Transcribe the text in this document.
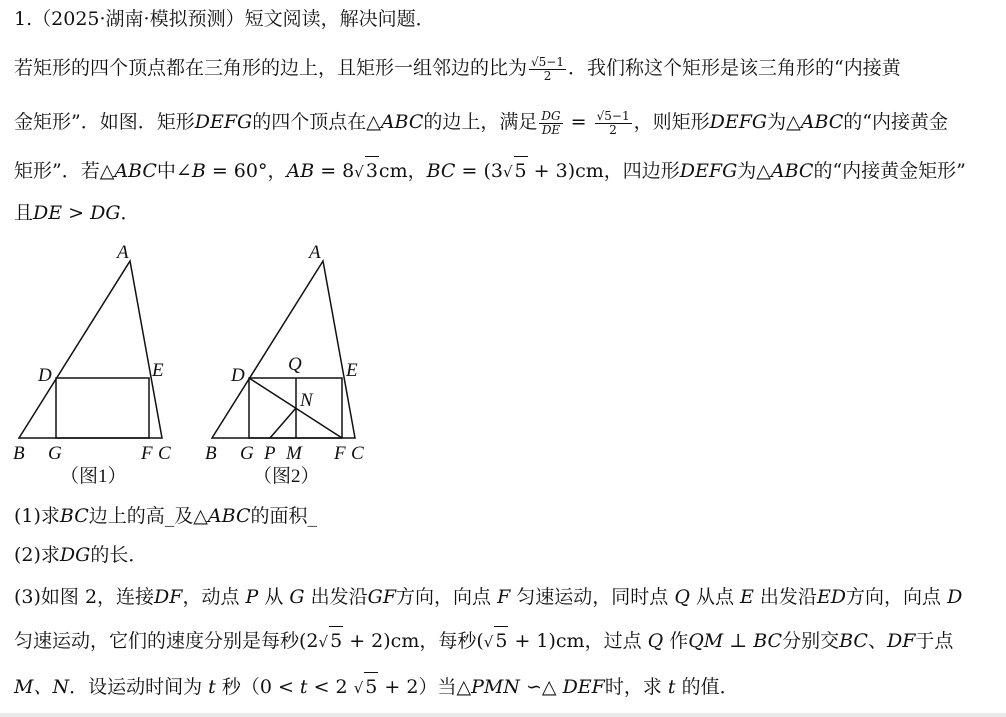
1.（2025·湖南·模拟预测）短文阅读，解决问题．
若矩形的四个顶点都在三角形的边上，且矩形一组邻边的比为 $\frac{√5-1}{2}$ ．我们称这个矩形是该三角形的“内接黄
金矩形”．如图．矩形DEFG的四个顶点在△ABC的边上，满足 $\frac{DG}{DE} = \frac{√5-1}{2}$ ，则矩形DEFG为△ABC的“内接黄金
矩形”．若△ABC中∠B = 60°，AB = 8√ 3cm，BC = (3√ 5 + 3)cm，四边形DEFG为△ABC的“内接黄金矩形”
且DE > DG．
A
D	E
B G	F C
（图1）
A
D	E
Q
N
B G P M F C
（图2）
(1)求BC边上的高_及△ABC的面积_
(2)求DG的长．
(3)如图 2，连接DF，动点 P 从 G 出发沿GF方向，向点 F 匀速运动，同时点 Q 从点 E 出发沿ED方向，向点 D
匀速运动，它们的速度分别是每秒(2√ 5 + 2)cm，每秒(√ 5 + 1)cm，过点 Q 作QM ⊥ BC分别交BC、DF于点
M、N．设运动时间为 t 秒（0 < t < 2 √ 5 + 2）当△PMN ∽△ DEF时，求 t 的值．
